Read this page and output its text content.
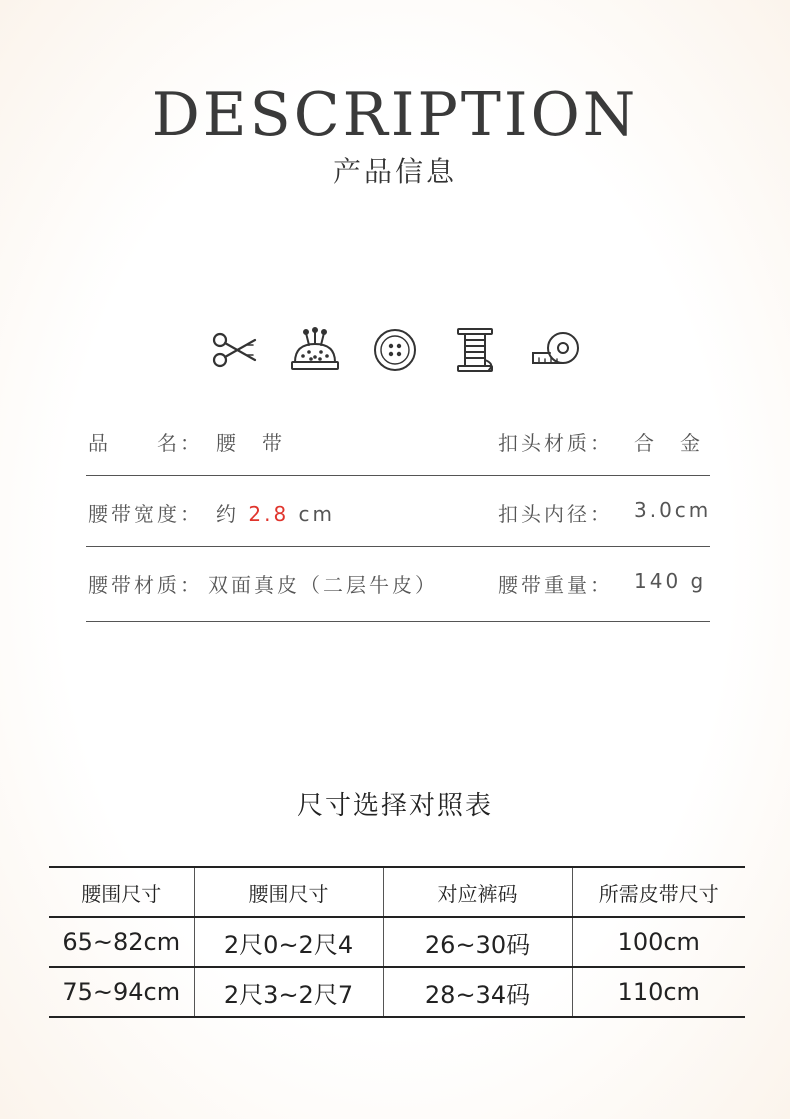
DESCRIPTION
产品信息
品　　名： 腰　带	扣头材质： 合　金
腰带宽度： 约 2.8 cm	扣头内径： 3.0cm
腰带材质： 双面真皮（二层牛皮）	腰带重量： 140 g
尺寸选择对照表
腰围尺寸	腰围尺寸	对应裤码	所需皮带尺寸
65~82cm	2尺0~2尺4	26~30码	100cm
75~94cm	2尺3~2尺7	28~34码	110cm
